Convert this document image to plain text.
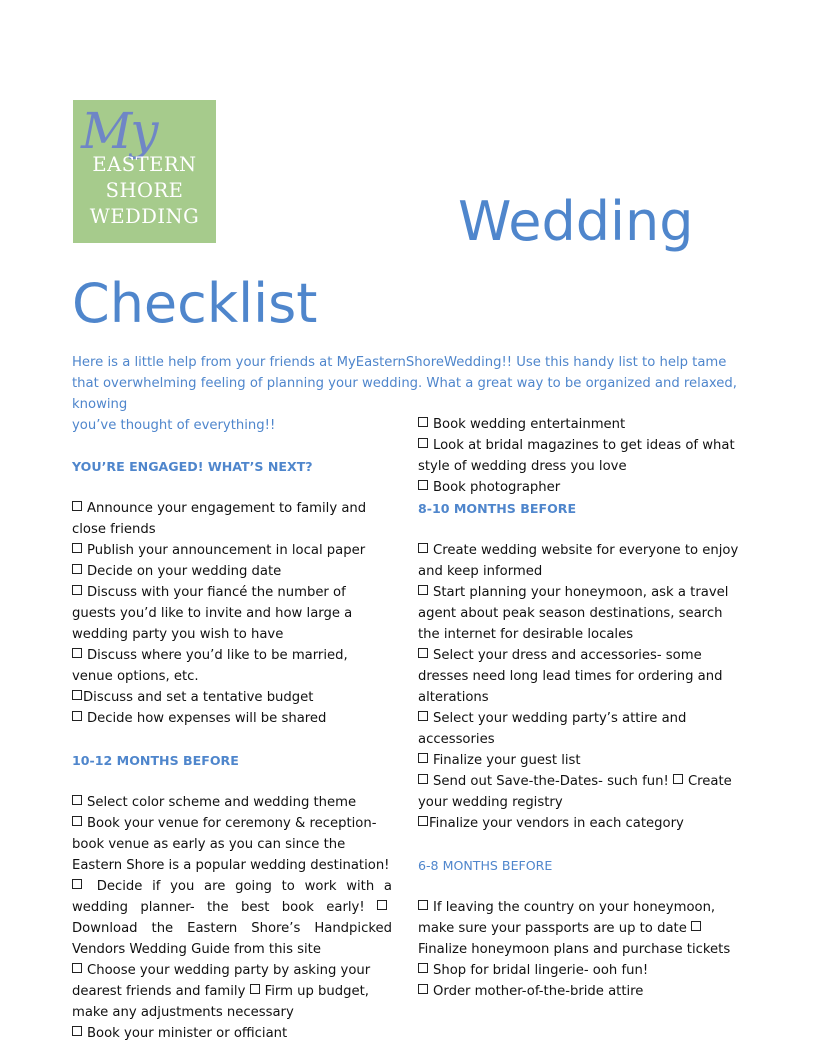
My
EASTERN
SHORE
WEDDING	Wedding
Checklist

Here is a little help from your friends at MyEasternShoreWedding!! Use this handy list to help tame that overwhelming feeling of planning your wedding. What a great way to be organized and relaxed, knowing

you’ve thought of everything!!

YOU’RE ENGAGED! WHAT’S NEXT?
Announce your engagement to family and close friends
Publish your announcement in local paper
Decide on your wedding date
Discuss with your fiancé the number of guests you’d like to invite and how large a wedding party you wish to have
Discuss where you’d like to be married, venue options, etc.
Discuss and set a tentative budget
Decide how expenses will be shared
10-12 MONTHS BEFORE
Select color scheme and wedding theme
Book your venue for ceremony & reception- book venue as early as you can since the Eastern Shore is a popular wedding destination!
Decide if you are going to work with a wedding planner- the best book early!  Download the Eastern Shore’s Handpicked Vendors Wedding Guide from this site
Choose your wedding party by asking your dearest friends and family Firm up budget, make any adjustments necessary
Book your minister or officiant
Book wedding entertainment
Look at bridal magazines to get ideas of what style of wedding dress you love
Book photographer
8-10 MONTHS BEFORE
Create wedding website for everyone to enjoy and keep informed
Start planning your honeymoon, ask a travel agent about peak season destinations, search the internet for desirable locales
Select your dress and accessories- some dresses need long lead times for ordering and alterations
Select your wedding party’s attire and accessories
Finalize your guest list
Send out Save-the-Dates- such fun! Create your wedding registry
Finalize your vendors in each category
6-8 MONTHS BEFORE
If leaving the country on your honeymoon, make sure your passports are up to date Finalize honeymoon plans and purchase tickets
Shop for bridal lingerie- ooh fun!
Order mother-of-the-bride attire
